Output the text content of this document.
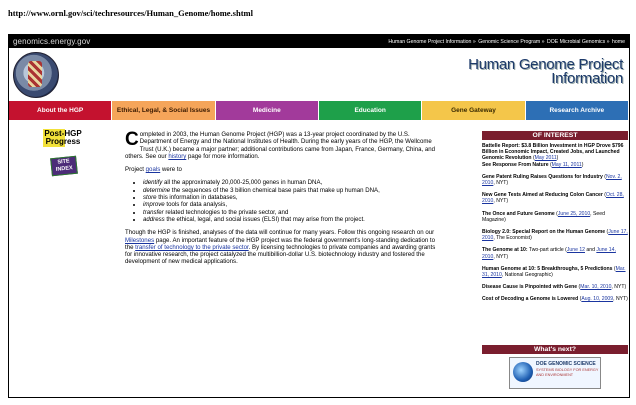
http://www.ornl.gov/sci/techresources/Human_Genome/home.shtml
genomics.energy.gov	Human Genome Project Information » Genomic Science Program » DOE Microbial Genomics » home
Human Genome Project
Information
About the HGP	Ethical, Legal, & Social Issues	Medicine	Education	Gene Gateway	Research Archive
Post-HGP Progress
SITE INDEX

Completed in 2003, the Human Genome Project (HGP) was a 13-year project coordinated by the U.S. Department of Energy and the National Institutes of Health. During the early years of the HGP, the Wellcome Trust (U.K.) became a major partner; additional contributions came from Japan, France, Germany, China, and others. See our history page for more information.

Project goals were to

• identify all the approximately 20,000-25,000 genes in human DNA,
• determine the sequences of the 3 billion chemical base pairs that make up human DNA,
• store this information in databases,
• improve tools for data analysis,
• transfer related technologies to the private sector, and
• address the ethical, legal, and social issues (ELSI) that may arise from the project.

Though the HGP is finished, analyses of the data will continue for many years. Follow this ongoing research on our Milestones page. An important feature of the HGP project was the federal government's long-standing dedication to the transfer of technology to the private sector. By licensing technologies to private companies and awarding grants for innovative research, the project catalyzed the multibillion-dollar U.S. biotechnology industry and fostered the development of new medical applications.

OF INTEREST
Battelle Report: $3.8 Billion Investment in HGP Drove $796 Billion in Economic Impact, Created Jobs, and Launched Genomic Revolution (May 2011)
See Response From Nature (May 11, 2011)
Gene Patent Ruling Raises Questions for Industry (Nov. 2, 2010, NYT)
New Gene Tests Aimed at Reducing Colon Cancer (Oct. 28, 2010, NYT)
The Once and Future Genome (June 25, 2010, Seed Magazine)
Biology 2.0: Special Report on the Human Genome (June 17, 2010, The Economist)
The Genome at 10: Two-part article (June 12 and June 14, 2010, NYT)
Human Genome at 10: 5 Breakthroughs, 5 Predictions (Mar. 31, 2010, National Geographic)
Disease Cause is Pinpointed with Gene (Mar. 10, 2010, NYT)
Cost of Decoding a Genome is Lowered (Aug. 10, 2009, NYT)
What's next?
DOE GENOMIC SCIENCE
SYSTEMS BIOLOGY FOR ENERGY AND ENVIRONMENT
